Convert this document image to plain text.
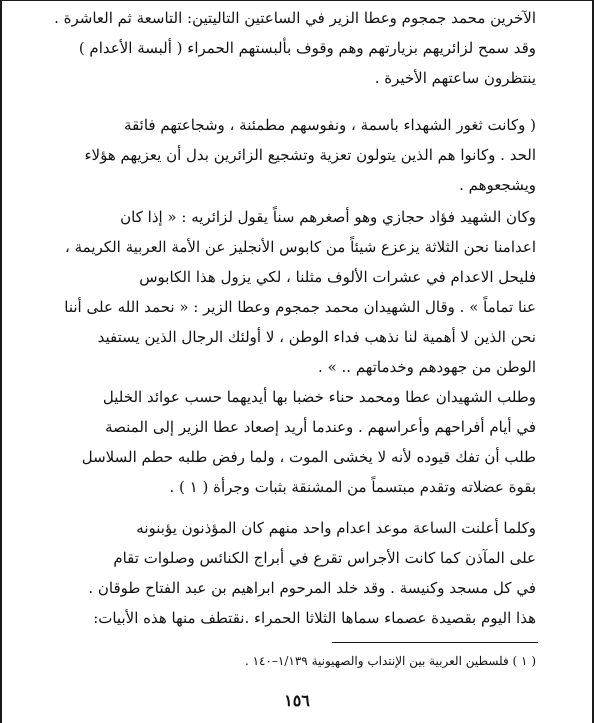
الآخرين محمد جمجوم وعطا الزير في الساعتين التاليتين: التاسعة ثم العاشرة .
وقد سمح لزائريهم بزيارتهم وهم وقوف بألبستهم الحمراء ( ألبسة الأعدام )
ينتظرون ساعتهم الأخيرة .
( وكانت ثغور الشهداء باسمة ، ونفوسهم مطمئنة ، وشجاعتهم فائقة
الحد . وكانوا هم الذين يتولون تعزية وتشجيع الزائرين بدل أن يعزيهم هؤلاء
ويشجعوهم .
وكان الشهيد فؤاد حجازي وهو أصغرهم سناً يقول لزائريه : « إذا كان
اعدامنا نحن الثلاثة يزعزع شيئاً من كابوس الأنجليز عن الأمة العربية الكريمة ،
فليحل الاعدام في عشرات الألوف مثلنا ، لكي يزول هذا الكابوس
عنا تماماً » . وقال الشهيدان محمد جمجوم وعطا الزير : « نحمد الله على أننا
نحن الذين لا أهمية لنا نذهب فداء الوطن ، لا أولئك الرجال الذين يستفيد
الوطن من جهودهم وخدماتهم .. » .
وطلب الشهيدان عطا ومحمد حناء خضبا بها أيديهما حسب عوائد الخليل
في أيام أفراحهم وأعراسهم . وعندما أريد إصعاد عطا الزير إلى المنصة
طلب أن تفك قيوده لأنه لا يخشى الموت ، ولما رفض طلبه حطم السلاسل
بقوة عضلاته وتقدم مبتسماً من المشنقة بثبات وجرأة ( ١ ) .
وكلما أعلنت الساعة موعد اعدام واحد منهم كان المؤذنون يؤبنونه
على المآذن كما كانت الأجراس تقرع في أبراج الكنائس وصلوات تقام
في كل مسجد وكنيسة . وقد خلد المرحوم ابراهيم بن عبد الفتاح طوقان .
هذا اليوم بقصيدة عصماء سماها الثلاثا الحمراء .نقتطف منها هذه الأبيات:
( ١ ) فلسطين العربية بين الإنتداب والصهيونية ١/١٣٩–١٤٠ .
١٥٦
